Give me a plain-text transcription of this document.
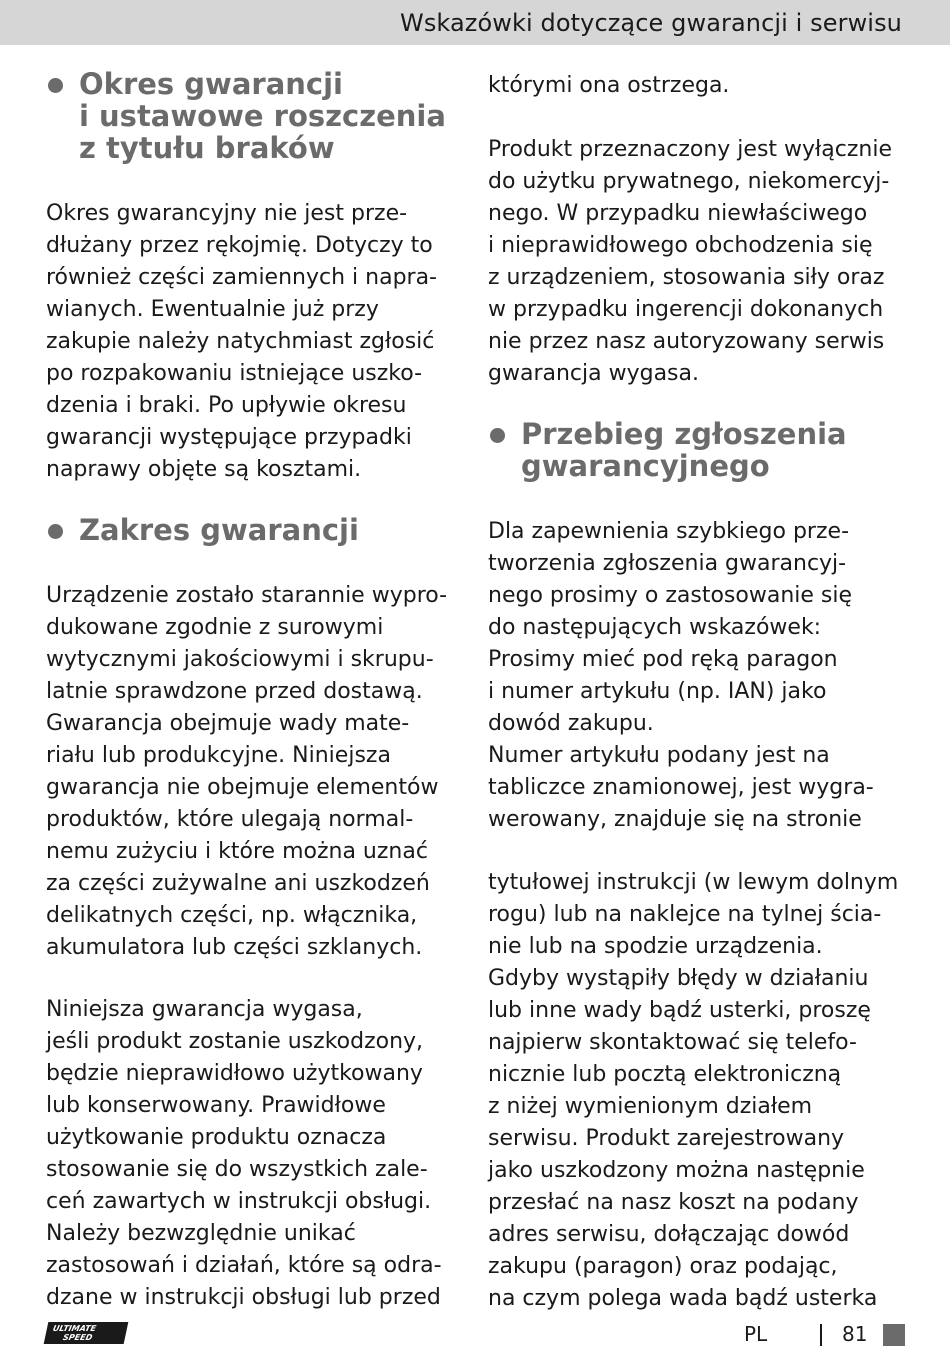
Wskazówki dotyczące gwarancji i serwisu
Okres gwarancji
i ustawowe roszczenia
z tytułu braków
Okres gwarancyjny nie jest prze-
dłużany przez rękojmię. Dotyczy to
również części zamiennych i napra-
wianych. Ewentualnie już przy
zakupie należy natychmiast zgłosić
po rozpakowaniu istniejące uszko-
dzenia i braki. Po upływie okresu
gwarancji występujące przypadki
naprawy objęte są kosztami.
Zakres gwarancji
Urządzenie zostało starannie wypro-
dukowane zgodnie z surowymi
wytycznymi jakościowymi i skrupu-
latnie sprawdzone przed dostawą.
Gwarancja obejmuje wady mate-
riału lub produkcyjne. Niniejsza
gwarancja nie obejmuje elementów
produktów, które ulegają normal-
nemu zużyciu i które można uznać
za części zużywalne ani uszkodzeń
delikatnych części, np. włącznika,
akumulatora lub części szklanych.
Niniejsza gwarancja wygasa,
jeśli produkt zostanie uszkodzony,
będzie nieprawidłowo użytkowany
lub konserwowany. Prawidłowe
użytkowanie produktu oznacza
stosowanie się do wszystkich zale-
ceń zawartych w instrukcji obsługi.
Należy bezwzględnie unikać
zastosowań i działań, które są odra-
dzane w instrukcji obsługi lub przed
którymi ona ostrzega.
Produkt przeznaczony jest wyłącznie
do użytku prywatnego, niekomercyj-
nego. W przypadku niewłaściwego
i nieprawidłowego obchodzenia się
z urządzeniem, stosowania siły oraz
w przypadku ingerencji dokonanych
nie przez nasz autoryzowany serwis
gwarancja wygasa.
Przebieg zgłoszenia
gwarancyjnego
Dla zapewnienia szybkiego prze-
tworzenia zgłoszenia gwarancyj-
nego prosimy o zastosowanie się
do następujących wskazówek:
Prosimy mieć pod ręką paragon
i numer artykułu (np. IAN) jako
dowód zakupu.
Numer artykułu podany jest na
tabliczce znamionowej, jest wygra-
werowany, znajduje się na stronie
tytułowej instrukcji (w lewym dolnym
rogu) lub na naklejce na tylnej ścia-
nie lub na spodzie urządzenia.
Gdyby wystąpiły błędy w działaniu
lub inne wady bądź usterki, proszę
najpierw skontaktować się telefo-
nicznie lub pocztą elektroniczną
z niżej wymienionym działem
serwisu. Produkt zarejestrowany
jako uszkodzony można następnie
przesłać na nasz koszt na podany
adres serwisu, dołączając dowód
zakupu (paragon) oraz podając,
na czym polega wada bądź usterka
ULTIMATE
SPEED	PL	81
